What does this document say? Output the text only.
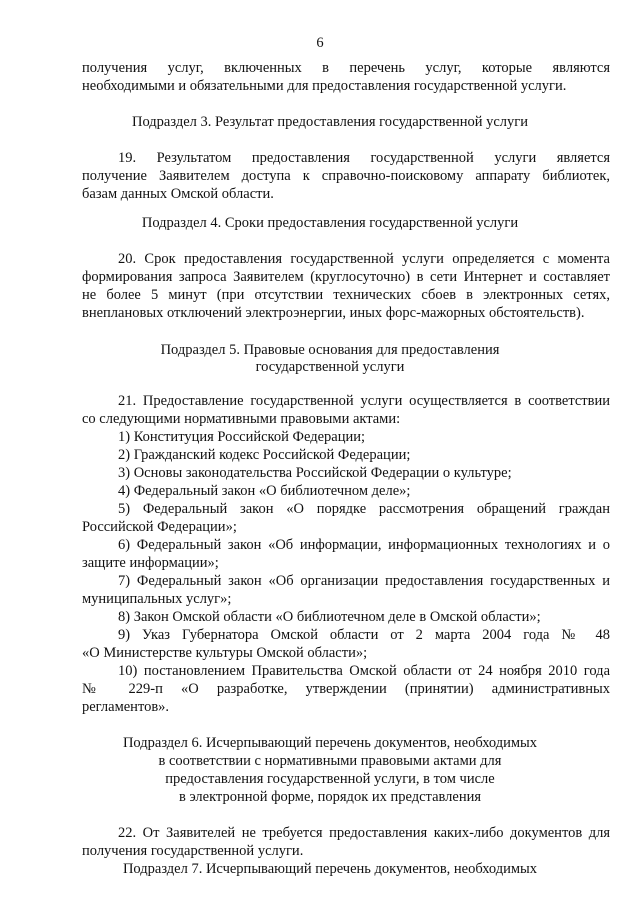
6
получения услуг, включенных в перечень услуг, которые являются
необходимыми и обязательными для предоставления государственной услуги.
Подраздел 3. Результат предоставления государственной услуги
19. Результатом предоставления государственной услуги является
получение Заявителем доступа к справочно-поисковому аппарату библиотек,
базам данных Омской области.
Подраздел 4. Сроки предоставления государственной услуги
20. Срок предоставления государственной услуги определяется с момента
формирования запроса Заявителем (круглосуточно) в сети Интернет и составляет
не более 5 минут (при отсутствии технических сбоев в электронных сетях,
внеплановых отключений электроэнергии, иных форс-мажорных обстоятельств).
Подраздел 5. Правовые основания для предоставления
государственной услуги
21. Предоставление государственной услуги осуществляется в соответствии
со следующими нормативными правовыми актами:
1) Конституция Российской Федерации;
2) Гражданский кодекс Российской Федерации;
3) Основы законодательства Российской Федерации о культуре;
4) Федеральный закон «О библиотечном деле»;
5) Федеральный закон «О порядке рассмотрения обращений граждан
Российской Федерации»;
6) Федеральный закон «Об информации, информационных технологиях и о
защите информации»;
7) Федеральный закон «Об организации предоставления государственных и
муниципальных услуг»;
8) Закон Омской области «О библиотечном деле в Омской области»;
9) Указ Губернатора Омской области от 2 марта 2004 года № 48
«О Министерстве культуры Омской области»;
10) постановлением Правительства Омской области от 24 ноября 2010 года
№ 229-п «О разработке, утверждении (принятии) административных
регламентов».
Подраздел 6. Исчерпывающий перечень документов, необходимых
в соответствии с нормативными правовыми актами для
предоставления государственной услуги, в том числе
в электронной форме, порядок их представления
22. От Заявителей не требуется предоставления каких-либо документов для
получения государственной услуги.
Подраздел 7. Исчерпывающий перечень документов, необходимых
